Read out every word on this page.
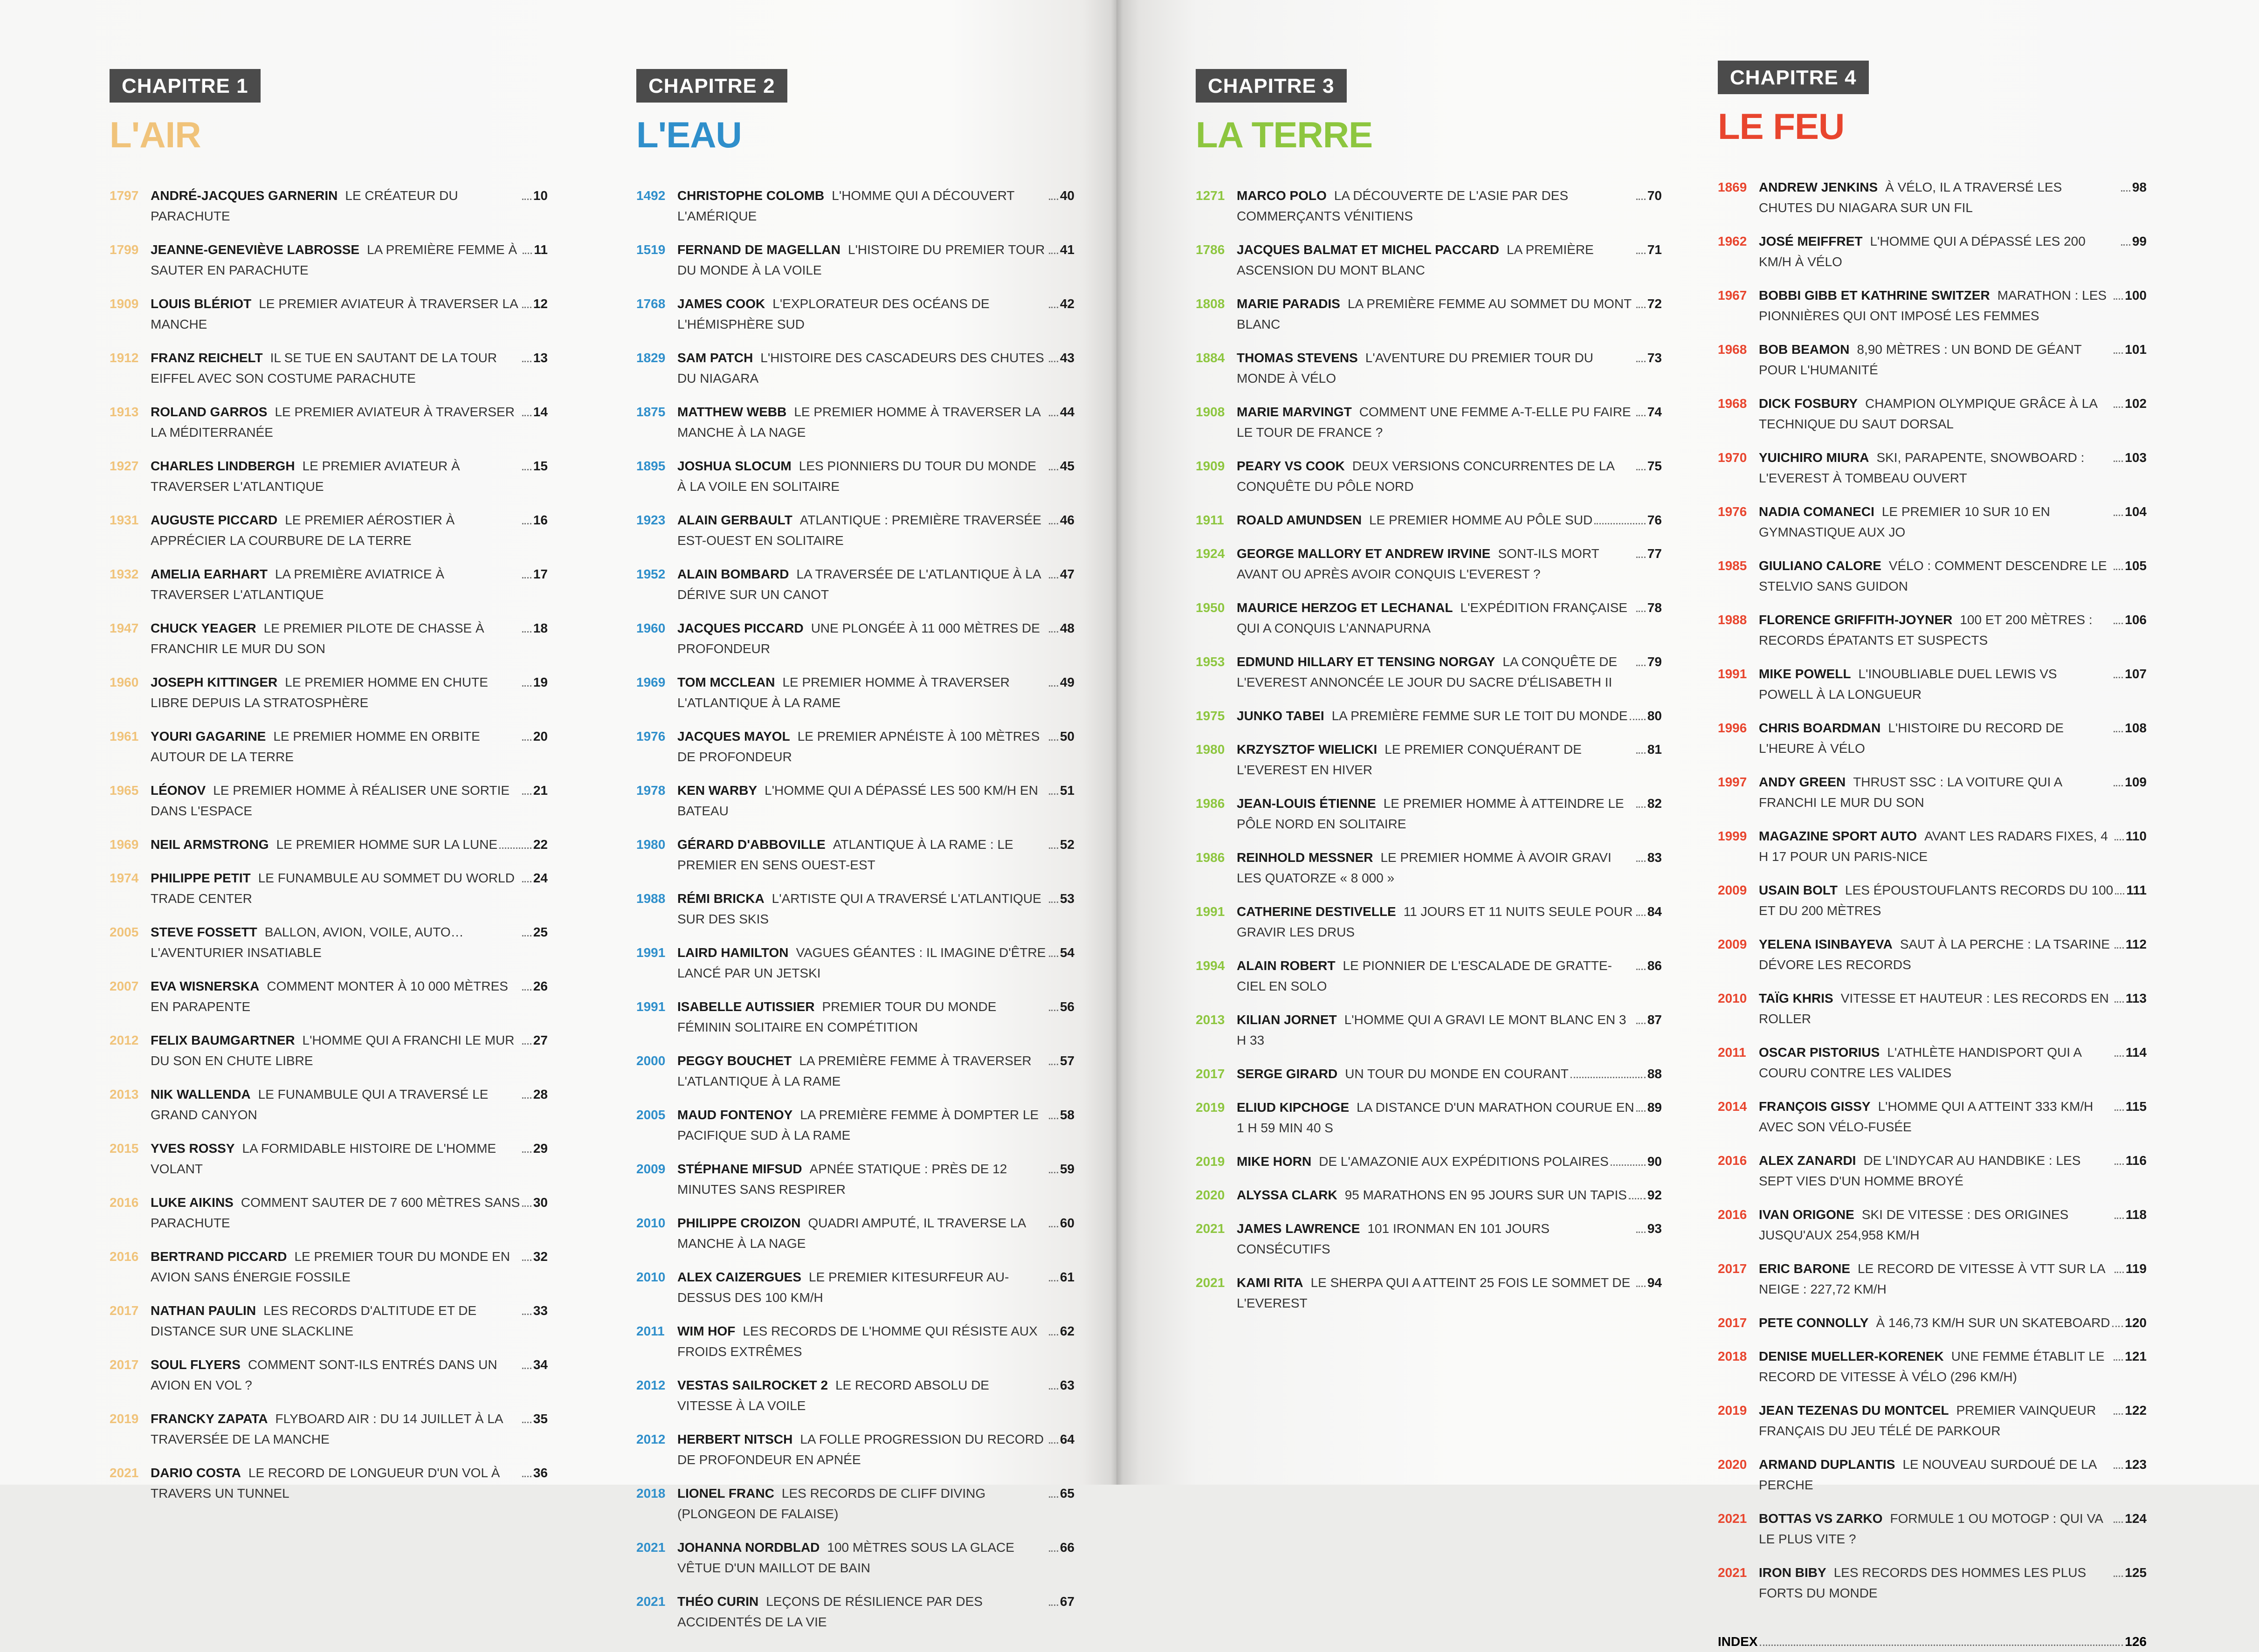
CHAPITRE 1
L'AIR
1797 ANDRÉ-JACQUES GARNERIN LE CRÉATEUR DU PARACHUTE
10
1799 JEANNE-GENEVIÈVE LABROSSE LA PREMIÈRE FEMME À SAUTER EN PARACHUTE
11
1909 LOUIS BLÉRIOT LE PREMIER AVIATEUR À TRAVERSER LA MANCHE
12
1912 FRANZ REICHELT IL SE TUE EN SAUTANT DE LA TOUR EIFFEL AVEC SON COSTUME PARACHUTE
13
1913 ROLAND GARROS LE PREMIER AVIATEUR À TRAVERSER LA MÉDITERRANÉE
14
1927 CHARLES LINDBERGH LE PREMIER AVIATEUR À TRAVERSER L'ATLANTIQUE
15
1931 AUGUSTE PICCARD LE PREMIER AÉROSTIER À APPRÉCIER LA COURBURE DE LA TERRE
16
1932 AMELIA EARHART LA PREMIÈRE AVIATRICE À TRAVERSER L'ATLANTIQUE
17
1947 CHUCK YEAGER LE PREMIER PILOTE DE CHASSE À FRANCHIR LE MUR DU SON
18
1960 JOSEPH KITTINGER LE PREMIER HOMME EN CHUTE LIBRE DEPUIS LA STRATOSPHÈRE
19
1961 YOURI GAGARINE LE PREMIER HOMME EN ORBITE AUTOUR DE LA TERRE
20
1965 LÉONOV LE PREMIER HOMME À RÉALISER UNE SORTIE DANS L'ESPACE
21
1969 NEIL ARMSTRONG LE PREMIER HOMME SUR LA LUNE	22
1974 PHILIPPE PETIT LE FUNAMBULE AU SOMMET DU WORLD TRADE CENTER
24
2005 STEVE FOSSETT BALLON, AVION, VOILE, AUTO… L'AVENTURIER INSATIABLE
25
2007 EVA WISNERSKA COMMENT MONTER À 10 000 MÈTRES EN PARAPENTE
26
2012 FELIX BAUMGARTNER L'HOMME QUI A FRANCHI LE MUR DU SON EN CHUTE LIBRE
27
2013 NIK WALLENDA LE FUNAMBULE QUI A TRAVERSÉ LE GRAND CANYON
28
2015 YVES ROSSY LA FORMIDABLE HISTOIRE DE L'HOMME VOLANT
29
2016 LUKE AIKINS COMMENT SAUTER DE 7 600 MÈTRES SANS PARACHUTE
30
2016 BERTRAND PICCARD LE PREMIER TOUR DU MONDE EN AVION SANS ÉNERGIE FOSSILE
32
2017 NATHAN PAULIN LES RECORDS D'ALTITUDE ET DE DISTANCE SUR UNE SLACKLINE
33
2017 SOUL FLYERS COMMENT SONT-ILS ENTRÉS DANS UN AVION EN VOL ?
34
2019 FRANCKY ZAPATA FLYBOARD AIR : DU 14 JUILLET À LA TRAVERSÉE DE LA MANCHE
35
2021 DARIO COSTA LE RECORD DE LONGUEUR D'UN VOL À TRAVERS UN TUNNEL
36
CHAPITRE 2
L'EAU
1492 CHRISTOPHE COLOMB L'HOMME QUI A DÉCOUVERT L'AMÉRIQUE
40
1519 FERNAND DE MAGELLAN L'HISTOIRE DU PREMIER TOUR DU MONDE À LA VOILE
41
1768 JAMES COOK L'EXPLORATEUR DES OCÉANS DE L'HÉMISPHÈRE SUD
42
1829 SAM PATCH L'HISTOIRE DES CASCADEURS DES CHUTES DU NIAGARA
43
1875 MATTHEW WEBB LE PREMIER HOMME À TRAVERSER LA MANCHE À LA NAGE
44
1895 JOSHUA SLOCUM LES PIONNIERS DU TOUR DU MONDE À LA VOILE EN SOLITAIRE
45
1923 ALAIN GERBAULT ATLANTIQUE : PREMIÈRE TRAVERSÉE EST-OUEST EN SOLITAIRE
46
1952 ALAIN BOMBARD LA TRAVERSÉE DE L'ATLANTIQUE À LA DÉRIVE SUR UN CANOT
47
1960 JACQUES PICCARD UNE PLONGÉE À 11 000 MÈTRES DE PROFONDEUR
48
1969 TOM MCCLEAN LE PREMIER HOMME À TRAVERSER L'ATLANTIQUE À LA RAME
49
1976 JACQUES MAYOL LE PREMIER APNÉISTE À 100 MÈTRES DE PROFONDEUR
50
1978 KEN WARBY L'HOMME QUI A DÉPASSÉ LES 500 KM/H EN BATEAU
51
1980 GÉRARD D'ABBOVILLE ATLANTIQUE À LA RAME : LE PREMIER EN SENS OUEST-EST
52
1988 RÉMI BRICKA L'ARTISTE QUI A TRAVERSÉ L'ATLANTIQUE SUR DES SKIS
53
1991 LAIRD HAMILTON VAGUES GÉANTES : IL IMAGINE D'ÊTRE LANCÉ PAR UN JETSKI
54
1991 ISABELLE AUTISSIER PREMIER TOUR DU MONDE FÉMININ SOLITAIRE EN COMPÉTITION
56
2000 PEGGY BOUCHET LA PREMIÈRE FEMME À TRAVERSER L'ATLANTIQUE À LA RAME
57
2005 MAUD FONTENOY LA PREMIÈRE FEMME À DOMPTER LE PACIFIQUE SUD À LA RAME
58
2009 STÉPHANE MIFSUD APNÉE STATIQUE : PRÈS DE 12 MINUTES SANS RESPIRER
59
2010 PHILIPPE CROIZON QUADRI AMPUTÉ, IL TRAVERSE LA MANCHE À LA NAGE
60
2010 ALEX CAIZERGUES LE PREMIER KITESURFEUR AU-DESSUS DES 100 KM/H
61
2011 WIM HOF LES RECORDS DE L'HOMME QUI RÉSISTE AUX FROIDS EXTRÊMES
62
2012 VESTAS SAILROCKET 2 LE RECORD ABSOLU DE VITESSE À LA VOILE
63
2012 HERBERT NITSCH LA FOLLE PROGRESSION DU RECORD DE PROFONDEUR EN APNÉE
64
2018 LIONEL FRANC LES RECORDS DE CLIFF DIVING (PLONGEON DE FALAISE)
65
2021 JOHANNA NORDBLAD 100 MÈTRES SOUS LA GLACE VÊTUE D'UN MAILLOT DE BAIN
66
2021 THÉO CURIN LEÇONS DE RÉSILIENCE PAR DES ACCIDENTÉS DE LA VIE
67
CHAPITRE 3
LA TERRE
1271 MARCO POLO LA DÉCOUVERTE DE L'ASIE PAR DES COMMERÇANTS VÉNITIENS
70
1786 JACQUES BALMAT ET MICHEL PACCARD LA PREMIÈRE ASCENSION DU MONT BLANC
71
1808 MARIE PARADIS LA PREMIÈRE FEMME AU SOMMET DU MONT BLANC
72
1884 THOMAS STEVENS L'AVENTURE DU PREMIER TOUR DU MONDE À VÉLO
73
1908 MARIE MARVINGT COMMENT UNE FEMME A-T-ELLE PU FAIRE LE TOUR DE FRANCE ?
74
1909 PEARY VS COOK DEUX VERSIONS CONCURRENTES DE LA CONQUÊTE DU PÔLE NORD
75
1911 ROALD AMUNDSEN LE PREMIER HOMME AU PÔLE SUD	76
1924 GEORGE MALLORY ET ANDREW IRVINE SONT-ILS MORT AVANT OU APRÈS AVOIR CONQUIS L'EVEREST ?
77
1950 MAURICE HERZOG ET LECHANAL L'EXPÉDITION FRANÇAISE QUI A CONQUIS L'ANNAPURNA
78
1953 EDMUND HILLARY ET TENSING NORGAY LA CONQUÊTE DE L'EVEREST ANNONCÉE LE JOUR DU SACRE D'ÉLISABETH II
79
1975 JUNKO TABEI LA PREMIÈRE FEMME SUR LE TOIT DU MONDE 80
1980 KRZYSZTOF WIELICKI LE PREMIER CONQUÉRANT DE L'EVEREST EN HIVER
81
1986 JEAN-LOUIS ÉTIENNE LE PREMIER HOMME À ATTEINDRE LE PÔLE NORD EN SOLITAIRE
82
1986 REINHOLD MESSNER LE PREMIER HOMME À AVOIR GRAVI LES QUATORZE « 8 000 »
83
1991 CATHERINE DESTIVELLE 11 JOURS ET 11 NUITS SEULE POUR GRAVIR LES DRUS
84
1994 ALAIN ROBERT LE PIONNIER DE L'ESCALADE DE GRATTE-CIEL EN SOLO
86
2013 KILIAN JORNET L'HOMME QUI A GRAVI LE MONT BLANC EN 3 H 33
87
2017 SERGE GIRARD UN TOUR DU MONDE EN COURANT	88
2019 ELIUD KIPCHOGE LA DISTANCE D'UN MARATHON COURUE EN 1 H 59 MIN 40 S
89
2019 MIKE HORN DE L'AMAZONIE AUX EXPÉDITIONS POLAIRES	90
2020 ALYSSA CLARK 95 MARATHONS EN 95 JOURS SUR UN TAPIS 92
2021 JAMES LAWRENCE 101 IRONMAN EN 101 JOURS CONSÉCUTIFS
93
2021 KAMI RITA LE SHERPA QUI A ATTEINT 25 FOIS LE SOMMET DE L'EVEREST
94
CHAPITRE 4
LE FEU
1869 ANDREW JENKINS À VÉLO, IL A TRAVERSÉ LES CHUTES DU NIAGARA SUR UN FIL
98
1962 JOSÉ MEIFFRET L'HOMME QUI A DÉPASSÉ LES 200 KM/H À VÉLO
99
1967 BOBBI GIBB ET KATHRINE SWITZER MARATHON : LES PIONNIÈRES QUI ONT IMPOSÉ LES FEMMES
100
1968 BOB BEAMON 8,90 MÈTRES : UN BOND DE GÉANT POUR L'HUMANITÉ
101
1968 DICK FOSBURY CHAMPION OLYMPIQUE GRÂCE À LA TECHNIQUE DU SAUT DORSAL
102
1970 YUICHIRO MIURA SKI, PARAPENTE, SNOWBOARD : L'EVEREST À TOMBEAU OUVERT
103
1976 NADIA COMANECI LE PREMIER 10 SUR 10 EN GYMNASTIQUE AUX JO
104
1985 GIULIANO CALORE VÉLO : COMMENT DESCENDRE LE STELVIO SANS GUIDON
105
1988 FLORENCE GRIFFITH-JOYNER 100 ET 200 MÈTRES : RECORDS ÉPATANTS ET SUSPECTS
106
1991 MIKE POWELL L'INOUBLIABLE DUEL LEWIS VS POWELL À LA LONGUEUR
107
1996 CHRIS BOARDMAN L'HISTOIRE DU RECORD DE L'HEURE À VÉLO
108
1997 ANDY GREEN THRUST SSC : LA VOITURE QUI A FRANCHI LE MUR DU SON
109
1999 MAGAZINE SPORT AUTO AVANT LES RADARS FIXES, 4 H 17 POUR UN PARIS-NICE
110
2009 USAIN BOLT LES ÉPOUSTOUFLANTS RECORDS DU 100 ET DU 200 MÈTRES
111
2009 YELENA ISINBAYEVA SAUT À LA PERCHE : LA TSARINE DÉVORE LES RECORDS
112
2010 TAÏG KHRIS VITESSE ET HAUTEUR : LES RECORDS EN ROLLER
113
2011 OSCAR PISTORIUS L'ATHLÈTE HANDISPORT QUI A COURU CONTRE LES VALIDES
114
2014 FRANÇOIS GISSY L'HOMME QUI A ATTEINT 333 KM/H AVEC SON VÉLO-FUSÉE
115
2016 ALEX ZANARDI DE L'INDYCAR AU HANDBIKE : LES SEPT VIES D'UN HOMME BROYÉ
116
2016 IVAN ORIGONE SKI DE VITESSE : DES ORIGINES JUSQU'AUX 254,958 KM/H
118
2017 ERIC BARONE LE RECORD DE VITESSE À VTT SUR LA NEIGE : 227,72 KM/H
119
2017 PETE CONNOLLY À 146,73 KM/H SUR UN SKATEBOARD 120
2018 DENISE MUELLER-KORENEK UNE FEMME ÉTABLIT LE RECORD DE VITESSE À VÉLO (296 KM/H)
121
2019 JEAN TEZENAS DU MONTCEL PREMIER VAINQUEUR FRANÇAIS DU JEU TÉLÉ DE PARKOUR
122
2020 ARMAND DUPLANTIS LE NOUVEAU SURDOUÉ DE LA PERCHE
123
2021 BOTTAS VS ZARKO FORMULE 1 OU MOTOGP : QUI VA LE PLUS VITE ?
124
2021 IRON BIBY LES RECORDS DES HOMMES LES PLUS FORTS DU MONDE
125
INDEX	126
